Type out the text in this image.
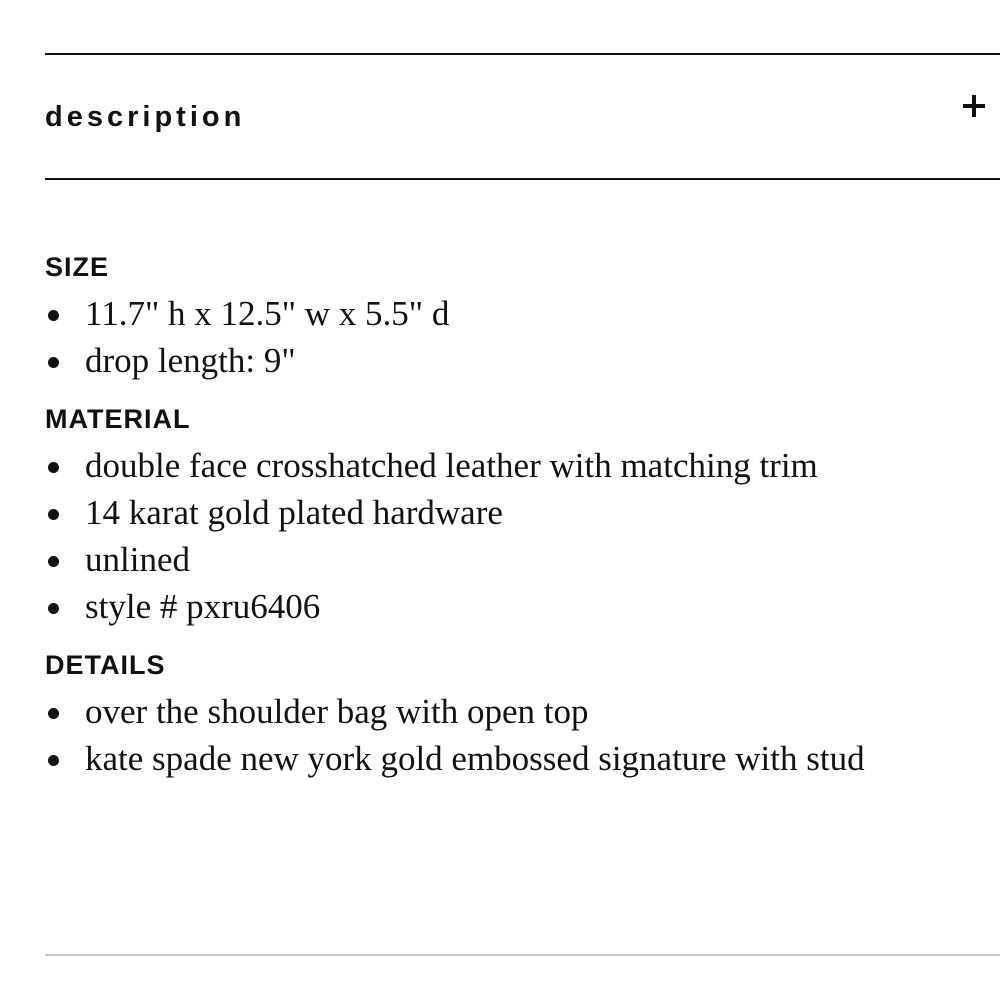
description
SIZE
11.7" h x 12.5" w x 5.5" d
drop length: 9"
MATERIAL
double face crosshatched leather with matching trim
14 karat gold plated hardware
unlined
style # pxru6406
DETAILS
over the shoulder bag with open top
kate spade new york gold embossed signature with stud
